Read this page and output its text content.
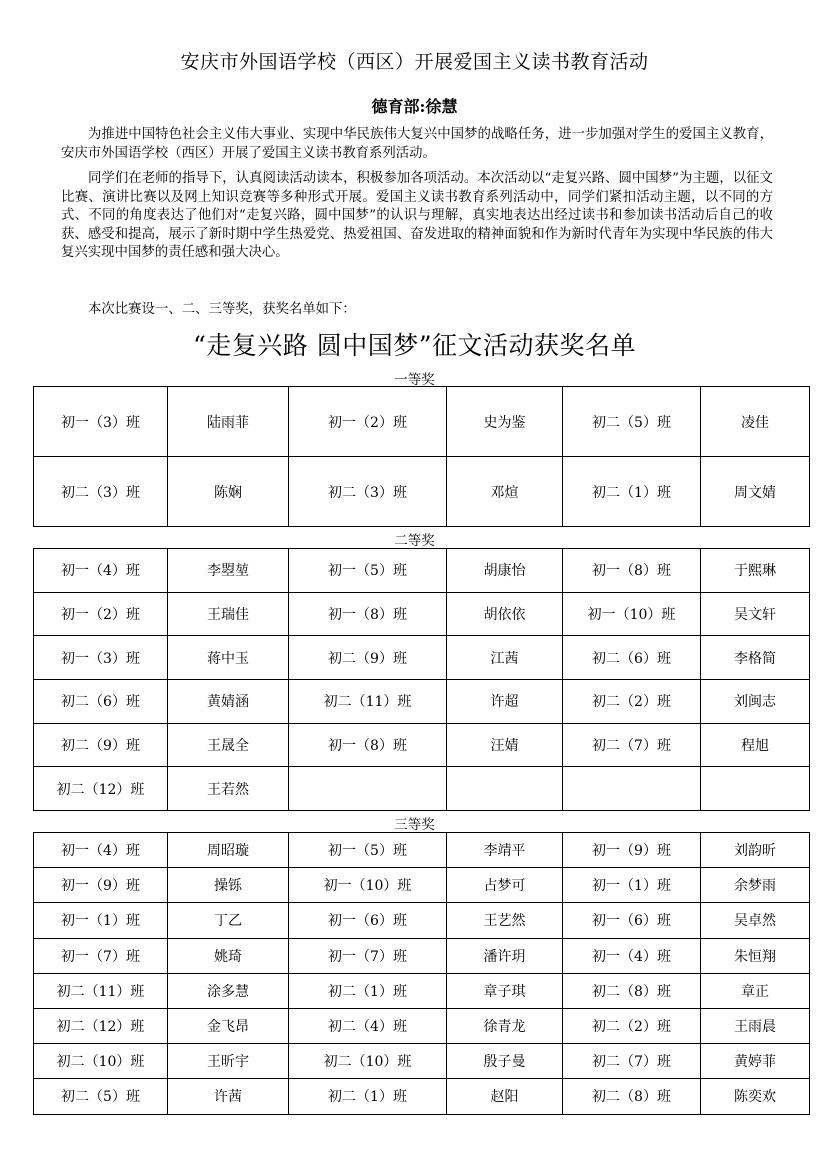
安庆市外国语学校（西区）开展爱国主义读书教育活动
德育部:徐慧

为推进中国特色社会主义伟大事业、实现中华民族伟大复兴中国梦的战略任务，进一步加强对学生的爱国主义教育，安庆市外国语学校（西区）开展了爱国主义读书教育系列活动。

同学们在老师的指导下，认真阅读活动读本，积极参加各项活动。本次活动以“走复兴路、圆中国梦”为主题，以征文比赛、演讲比赛以及网上知识竞赛等多种形式开展。爱国主义读书教育系列活动中，同学们紧扣活动主题，以不同的方式、不同的角度表达了他们对“走复兴路，圆中国梦”的认识与理解，真实地表达出经过读书和参加读书活动后自己的收获、感受和提高，展示了新时期中学生热爱党、热爱祖国、奋发进取的精神面貌和作为新时代青年为实现中华民族的伟大复兴实现中国梦的责任感和强大决心。

本次比赛设一、二、三等奖，获奖名单如下：

“走复兴路 圆中国梦”征文活动获奖名单
一等奖
初一（3）班	陆雨菲	初一（2）班	史为鉴	初二（5）班	凌佳
初二（3）班	陈娴	初二（3）班	邓煊	初二（1）班	周文婧
二等奖
初一（4）班	李曌堃	初一（5）班	胡康怡	初一（8）班	于熙琳
初一（2）班	王瑞佳	初一（8）班	胡依依	初一（10）班	吴文轩
初一（3）班	蒋中玉	初二（9）班	江茜	初二（6）班	李格简
初二（6）班	黄婧涵	初二（11）班	许超	初二（2）班	刘闽志
初二（9）班	王晟全	初一（8）班	汪婧	初二（7）班	程旭
初二（12）班	王若然				
三等奖
初一（4）班	周昭璇	初一（5）班	李靖平	初一（9）班	刘韵昕
初一（9）班	操铄	初一（10）班	占梦可	初一（1）班	余梦雨
初一（1）班	丁乙	初一（6）班	王艺然	初一（6）班	吴卓然
初一（7）班	姚琦	初一（7）班	潘许玥	初一（4）班	朱恒翔
初二（11）班	涂多慧	初二（1）班	章子琪	初二（8）班	章正
初二（12）班	金飞昂	初二（4）班	徐青龙	初二（2）班	王雨晨
初二（10）班	王昕宇	初二（10）班	殷子曼	初二（7）班	黄婷菲
初二（5）班	许茜	初二（1）班	赵阳	初二（8）班	陈奕欢
